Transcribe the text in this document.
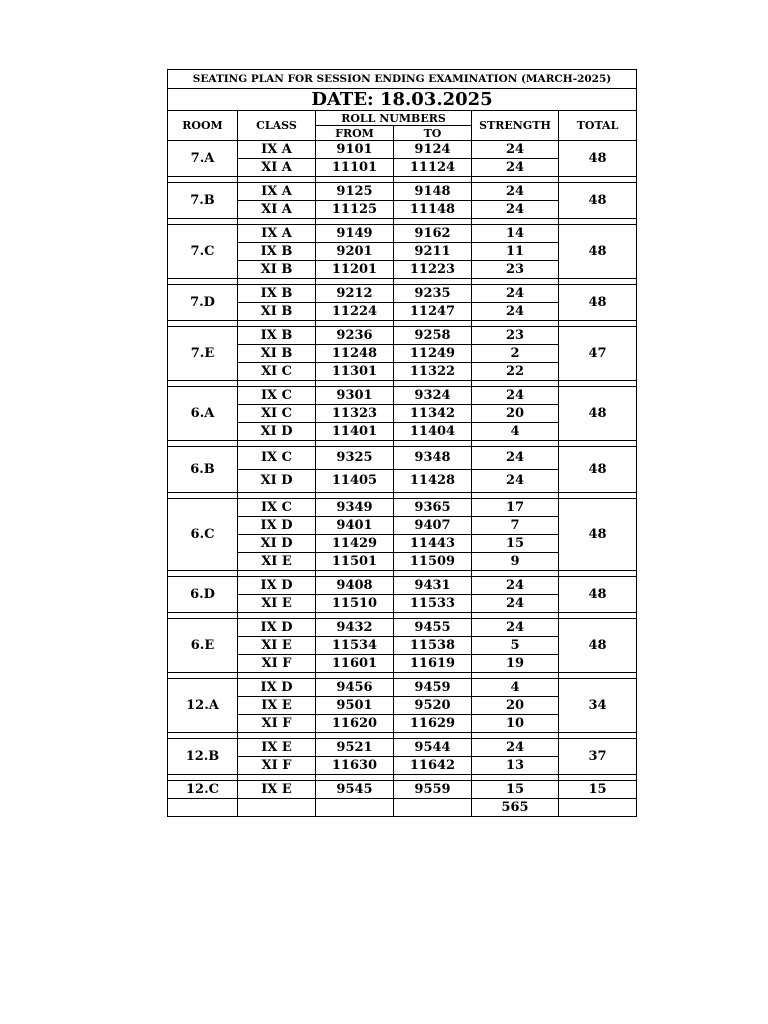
SEATING PLAN FOR SESSION ENDING EXAMINATION (MARCH-2025)					
DATE: 18.03.2025					
ROOM	CLASS	ROLL NUMBERS		STRENGTH	TOTAL
		FROM	TO		
7.A	IX A	9101	9124	24	48
	XI A	11101	11124	24	

7.B	IX A	9125	9148	24	48
	XI A	11125	11148	24	

7.C	IX A	9149	9162	14	48
	IX B	9201	9211	11	
	XI B	11201	11223	23	

7.D	IX B	9212	9235	24	48
	XI B	11224	11247	24	

7.E	IX B	9236	9258	23	47
	XI B	11248	11249	2	
	XI C	11301	11322	22	

6.A	IX C	9301	9324	24	48
	XI C	11323	11342	20	
	XI D	11401	11404	4	

6.B	IX C	9325	9348	24	48
	XI D	11405	11428	24	

6.C	IX C	9349	9365	17	48
	IX D	9401	9407	7	
	XI D	11429	11443	15	
	XI E	11501	11509	9	

6.D	IX D	9408	9431	24	48
	XI E	11510	11533	24	

6.E	IX D	9432	9455	24	48
	XI E	11534	11538	5	
	XI F	11601	11619	19	

12.A	IX D	9456	9459	4	34
	IX E	9501	9520	20	
	XI F	11620	11629	10	

12.B	IX E	9521	9544	24	37
	XI F	11630	11642	13	

12.C	IX E	9545	9559	15	15
				565	
